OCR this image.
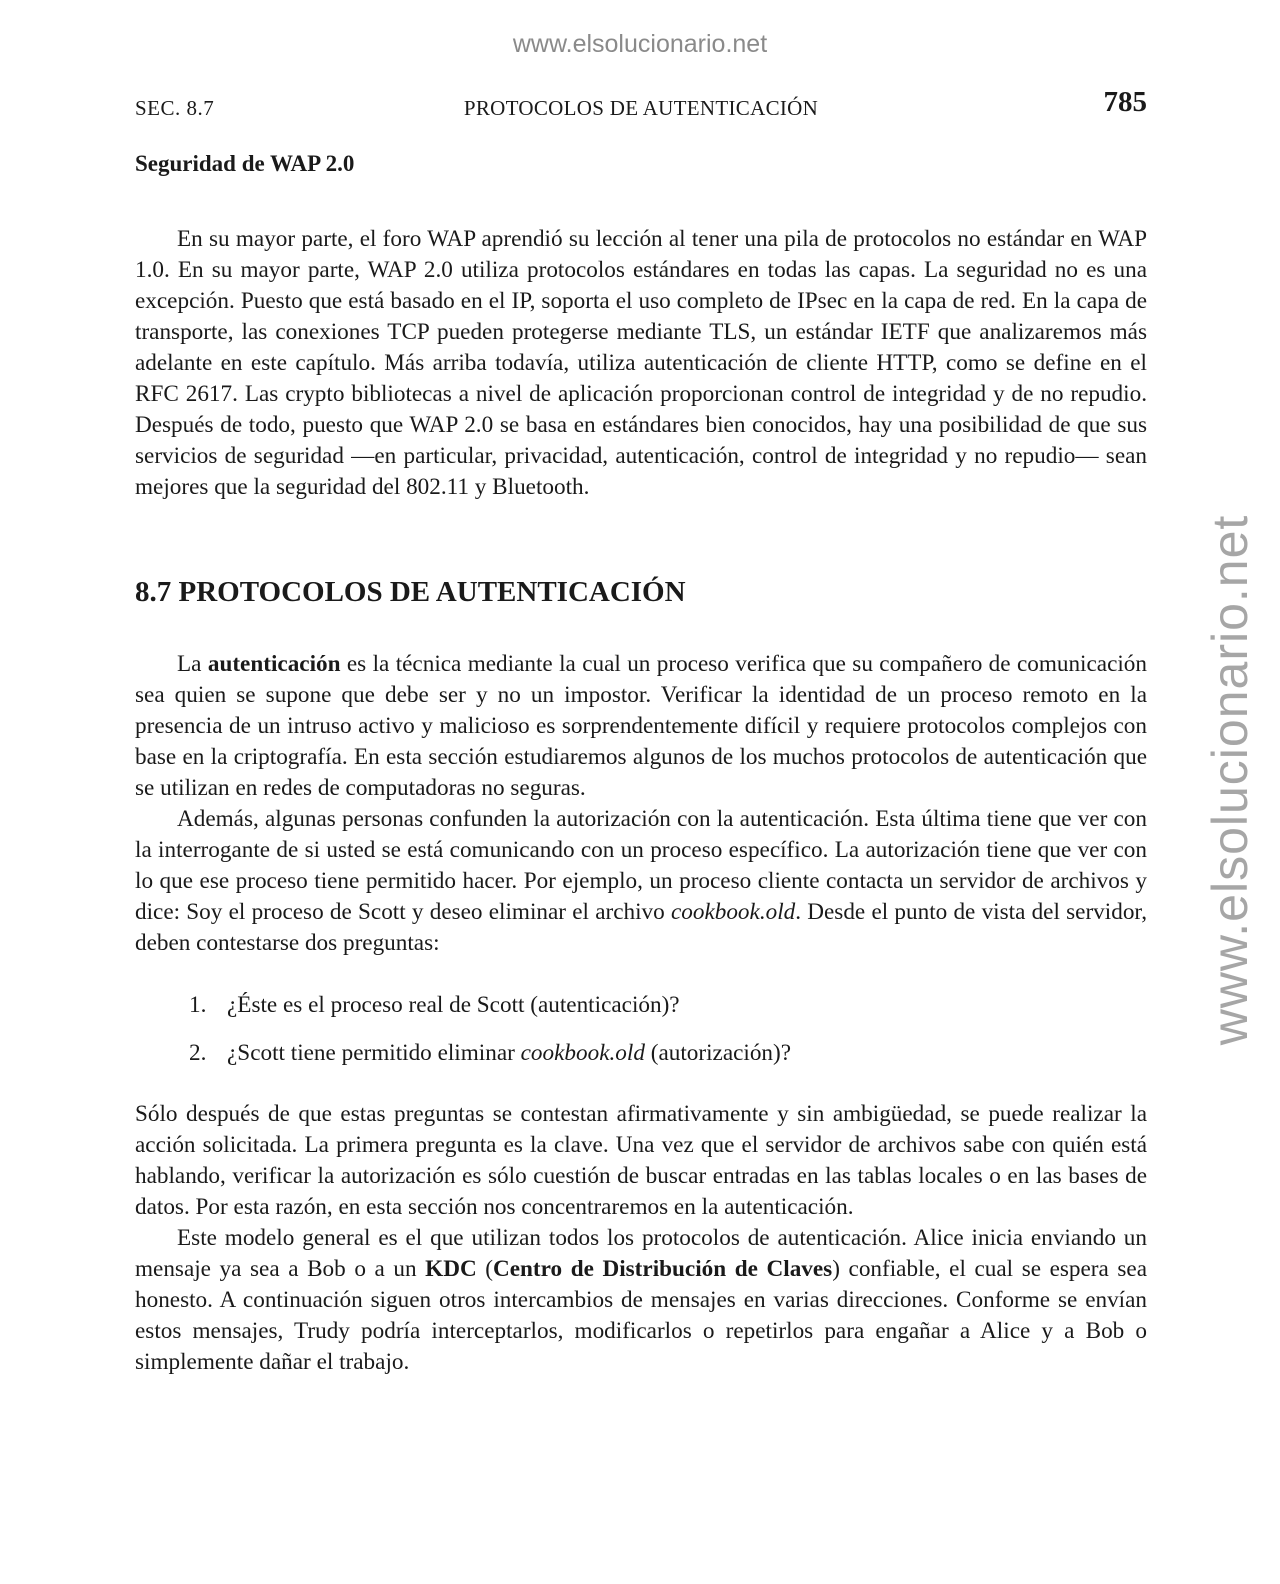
www.elsolucionario.net
www.elsolucionario.net
SEC. 8.7	PROTOCOLOS DE AUTENTICACIÓN	785
Seguridad de WAP 2.0

En su mayor parte, el foro WAP aprendió su lección al tener una pila de protocolos no estándar en WAP 1.0. En su mayor parte, WAP 2.0 utiliza protocolos estándares en todas las capas. La seguridad no es una excepción. Puesto que está basado en el IP, soporta el uso completo de IPsec en la capa de red. En la capa de transporte, las conexiones TCP pueden protegerse mediante TLS, un estándar IETF que analizaremos más adelante en este capítulo. Más arriba todavía, utiliza autenticación de cliente HTTP, como se define en el RFC 2617. Las crypto bibliotecas a nivel de aplicación proporcionan control de integridad y de no repudio. Después de todo, puesto que WAP 2.0 se basa en estándares bien conocidos, hay una posibilidad de que sus servicios de seguridad —en particular, privacidad, autenticación, control de integridad y no repudio— sean mejores que la seguridad del 802.11 y Bluetooth.

8.7 PROTOCOLOS DE AUTENTICACIÓN

La autenticación es la técnica mediante la cual un proceso verifica que su compañero de comunicación sea quien se supone que debe ser y no un impostor. Verificar la identidad de un proceso remoto en la presencia de un intruso activo y malicioso es sorprendentemente difícil y requiere protocolos complejos con base en la criptografía. En esta sección estudiaremos algunos de los muchos protocolos de autenticación que se utilizan en redes de computadoras no seguras.

Además, algunas personas confunden la autorización con la autenticación. Esta última tiene que ver con la interrogante de si usted se está comunicando con un proceso específico. La autorización tiene que ver con lo que ese proceso tiene permitido hacer. Por ejemplo, un proceso cliente contacta un servidor de archivos y dice: Soy el proceso de Scott y deseo eliminar el archivo cookbook.old. Desde el punto de vista del servidor, deben contestarse dos preguntas:

1. ¿Éste es el proceso real de Scott (autenticación)?
2. ¿Scott tiene permitido eliminar cookbook.old (autorización)?

Sólo después de que estas preguntas se contestan afirmativamente y sin ambigüedad, se puede realizar la acción solicitada. La primera pregunta es la clave. Una vez que el servidor de archivos sabe con quién está hablando, verificar la autorización es sólo cuestión de buscar entradas en las tablas locales o en las bases de datos. Por esta razón, en esta sección nos concentraremos en la autenticación.

Este modelo general es el que utilizan todos los protocolos de autenticación. Alice inicia enviando un mensaje ya sea a Bob o a un KDC (Centro de Distribución de Claves) confiable, el cual se espera sea honesto. A continuación siguen otros intercambios de mensajes en varias direcciones. Conforme se envían estos mensajes, Trudy podría interceptarlos, modificarlos o repetirlos para engañar a Alice y a Bob o simplemente dañar el trabajo.
